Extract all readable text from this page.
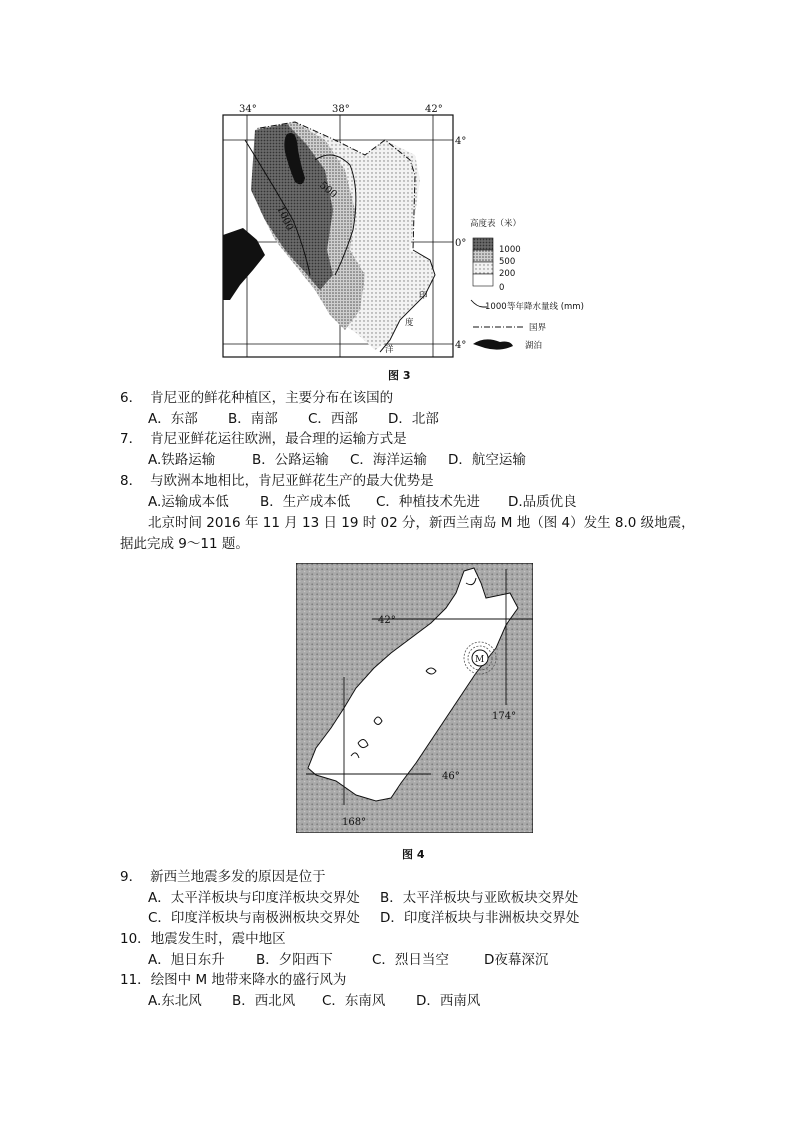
34°	38°	42°
4°
0°
4°
500
1000
印
度
洋
高度表（米）
1000
500
200
0
1000 等年降水量线 (mm)
国界
湖泊
图 3
6． 肯尼亚的鲜花种植区，主要分布在该国的
A．东部 B．南部 C．西部 D．北部
7． 肯尼亚鲜花运往欧洲，最合理的运输方式是
A.铁路运输	B．公路运输 C．海洋运输 D．航空运输
8． 与欧洲本地相比，肯尼亚鲜花生产的最大优势是
A.运输成本低 B．生产成本低 C．种植技术先进 D.品质优良
北京时间 2016 年 11 月 13 日 19 时 02 分，新西兰南岛 M 地（图 4）发生 8.0 级地震，
据此完成 9～11 题。
M
42°
46°
174°
168°
图 4
9． 新西兰地震多发的原因是位于
A．太平洋板块与印度洋板块交界处 B．太平洋板块与亚欧板块交界处
C．印度洋板块与南极洲板块交界处 D．印度洋板块与非洲板块交界处
10．地震发生时，震中地区
A．旭日东升 B．夕阳西下	C．烈日当空	D夜幕深沉
11．绘图中 M 地带来降水的盛行风为
A.东北风 B．西北风 C．东南风 D．西南风
